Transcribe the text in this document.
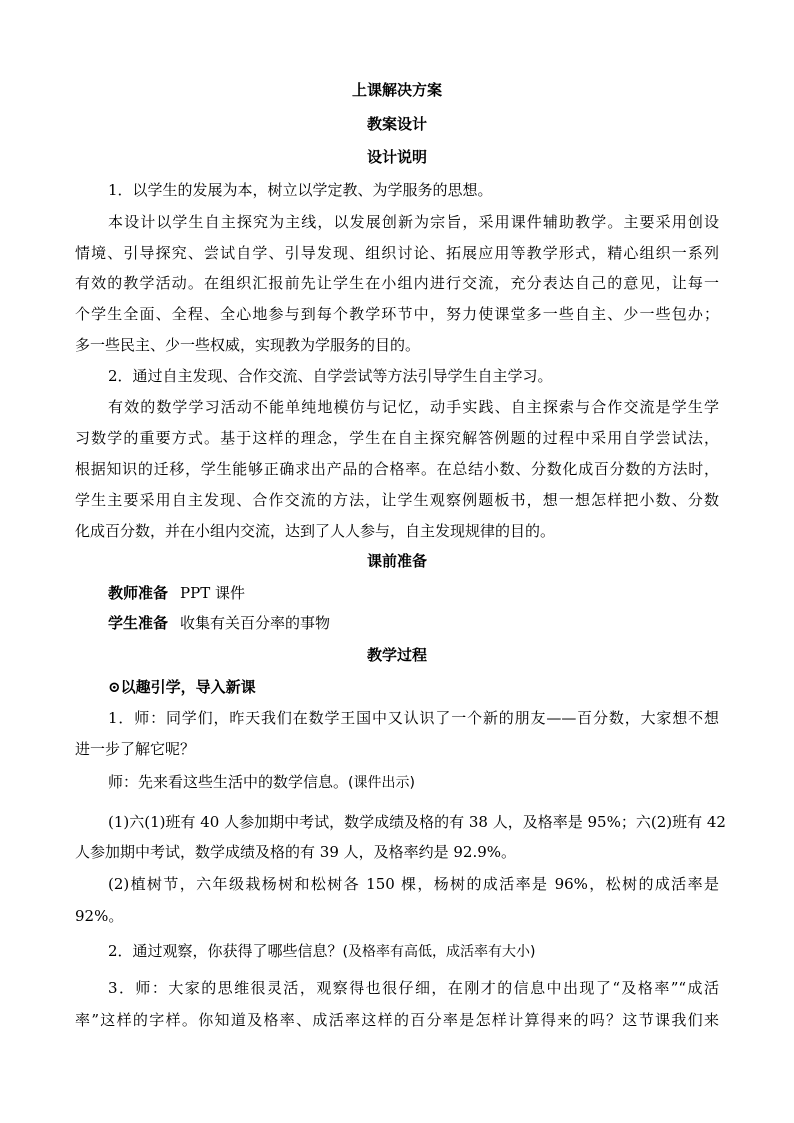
上课解决方案
教案设计
设计说明
1．以学生的发展为本，树立以学定教、为学服务的思想。
本设计以学生自主探究为主线，以发展创新为宗旨，采用课件辅助教学。主要采用创设
情境、引导探究、尝试自学、引导发现、组织讨论、拓展应用等教学形式，精心组织一系列
有效的教学活动。在组织汇报前先让学生在小组内进行交流，充分表达自己的意见，让每一
个学生全面、全程、全心地参与到每个教学环节中，努力使课堂多一些自主、少一些包办；
多一些民主、少一些权威，实现教为学服务的目的。
2．通过自主发现、合作交流、自学尝试等方法引导学生自主学习。
有效的数学学习活动不能单纯地模仿与记忆，动手实践、自主探索与合作交流是学生学
习数学的重要方式。基于这样的理念，学生在自主探究解答例题的过程中采用自学尝试法，
根据知识的迁移，学生能够正确求出产品的合格率。在总结小数、分数化成百分数的方法时，
学生主要采用自主发现、合作交流的方法，让学生观察例题板书，想一想怎样把小数、分数
化成百分数，并在小组内交流，达到了人人参与，自主发现规律的目的。
课前准备
教师准备 PPT 课件
学生准备 收集有关百分率的事物
教学过程
⊙以趣引学，导入新课
1．师：同学们，昨天我们在数学王国中又认识了一个新的朋友——百分数，大家想不想
进一步了解它呢？
师：先来看这些生活中的数学信息。(课件出示)
(1)六(1)班有 40 人参加期中考试，数学成绩及格的有 38 人，及格率是 95%；六(2)班有 42
人参加期中考试，数学成绩及格的有 39 人，及格率约是 92.9%。
(2)植树节，六年级栽杨树和松树各 150 棵，杨树的成活率是 96%，松树的成活率是
92%。
2．通过观察，你获得了哪些信息？(及格率有高低，成活率有大小)
3．师：大家的思维很灵活，观察得也很仔细，在刚才的信息中出现了“及格率”“成活
率”这样的字样。你知道及格率、成活率这样的百分率是怎样计算得来的吗？这节课我们来
